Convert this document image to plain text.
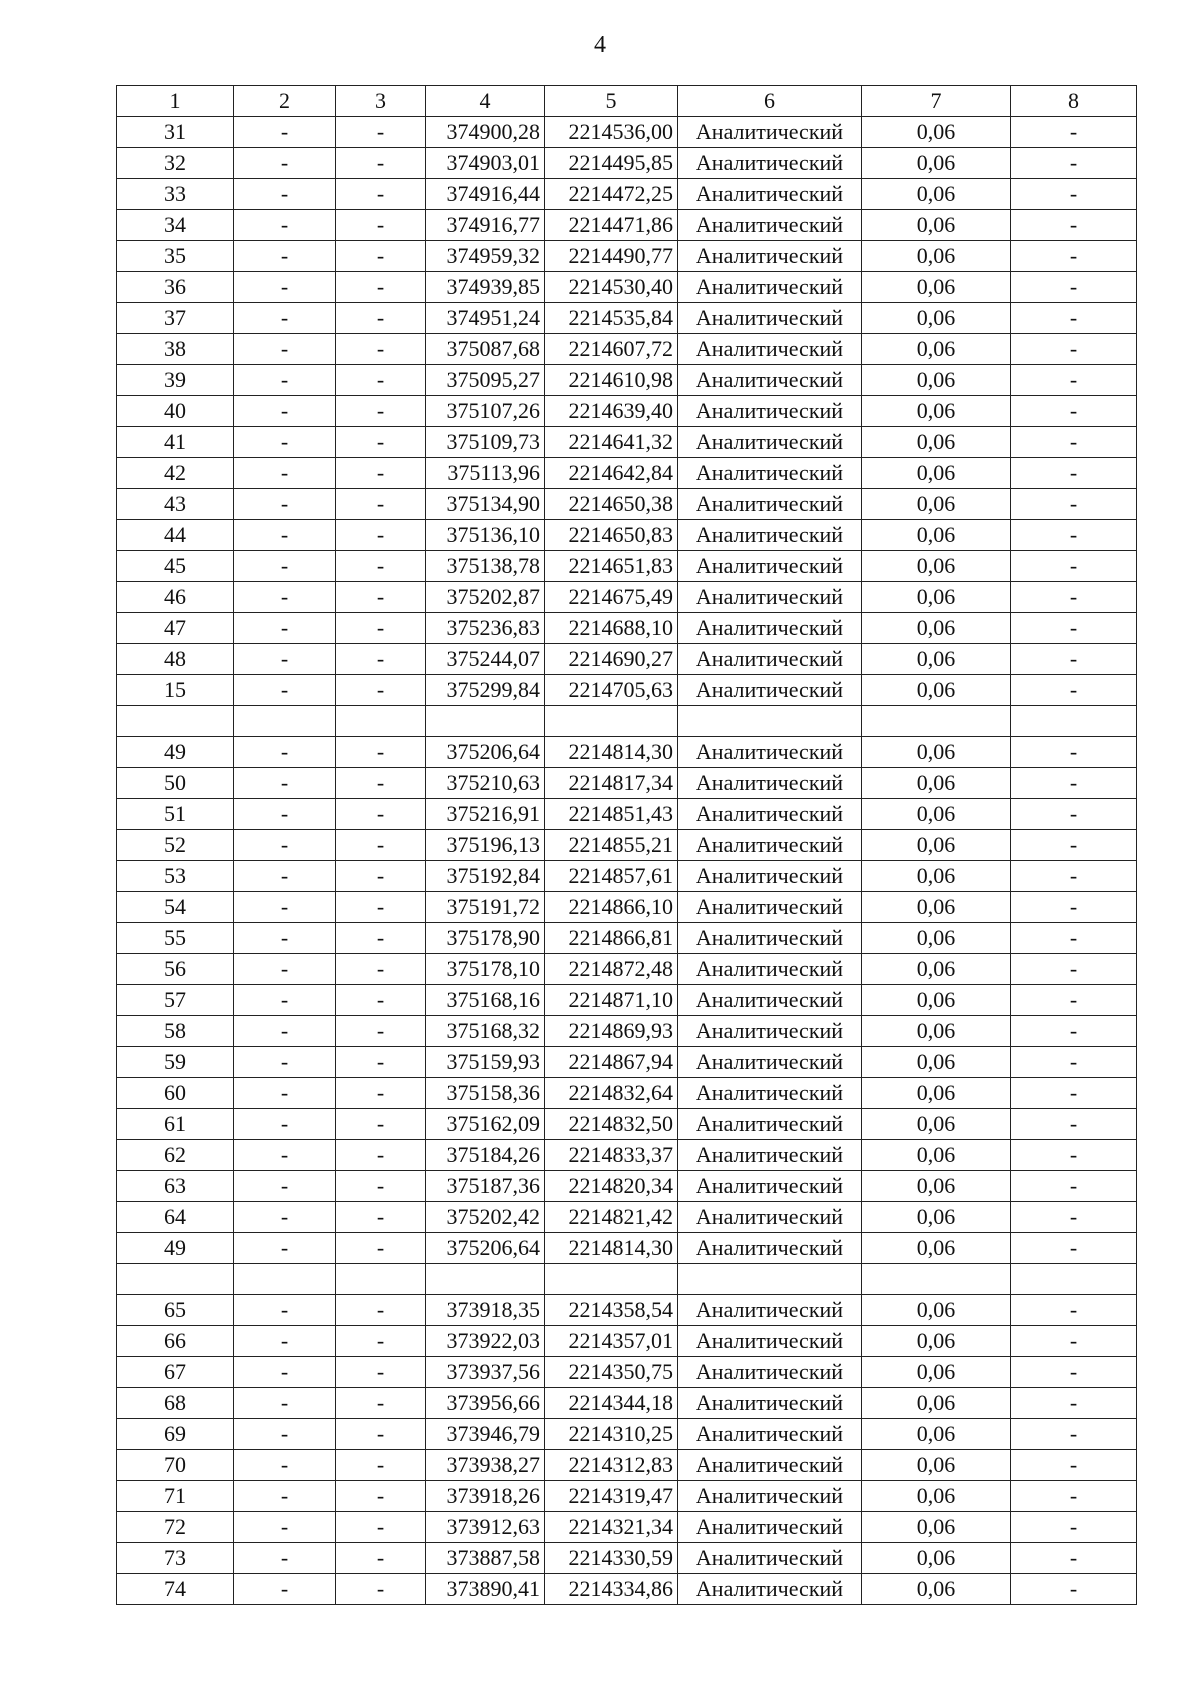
4
1	2	3	4	5	6	7	8
31	-	-	374900,28	2214536,00	Аналитический	0,06	-
32	-	-	374903,01	2214495,85	Аналитический	0,06	-
33	-	-	374916,44	2214472,25	Аналитический	0,06	-
34	-	-	374916,77	2214471,86	Аналитический	0,06	-
35	-	-	374959,32	2214490,77	Аналитический	0,06	-
36	-	-	374939,85	2214530,40	Аналитический	0,06	-
37	-	-	374951,24	2214535,84	Аналитический	0,06	-
38	-	-	375087,68	2214607,72	Аналитический	0,06	-
39	-	-	375095,27	2214610,98	Аналитический	0,06	-
40	-	-	375107,26	2214639,40	Аналитический	0,06	-
41	-	-	375109,73	2214641,32	Аналитический	0,06	-
42	-	-	375113,96	2214642,84	Аналитический	0,06	-
43	-	-	375134,90	2214650,38	Аналитический	0,06	-
44	-	-	375136,10	2214650,83	Аналитический	0,06	-
45	-	-	375138,78	2214651,83	Аналитический	0,06	-
46	-	-	375202,87	2214675,49	Аналитический	0,06	-
47	-	-	375236,83	2214688,10	Аналитический	0,06	-
48	-	-	375244,07	2214690,27	Аналитический	0,06	-
15	-	-	375299,84	2214705,63	Аналитический	0,06	-

49	-	-	375206,64	2214814,30	Аналитический	0,06	-
50	-	-	375210,63	2214817,34	Аналитический	0,06	-
51	-	-	375216,91	2214851,43	Аналитический	0,06	-
52	-	-	375196,13	2214855,21	Аналитический	0,06	-
53	-	-	375192,84	2214857,61	Аналитический	0,06	-
54	-	-	375191,72	2214866,10	Аналитический	0,06	-
55	-	-	375178,90	2214866,81	Аналитический	0,06	-
56	-	-	375178,10	2214872,48	Аналитический	0,06	-
57	-	-	375168,16	2214871,10	Аналитический	0,06	-
58	-	-	375168,32	2214869,93	Аналитический	0,06	-
59	-	-	375159,93	2214867,94	Аналитический	0,06	-
60	-	-	375158,36	2214832,64	Аналитический	0,06	-
61	-	-	375162,09	2214832,50	Аналитический	0,06	-
62	-	-	375184,26	2214833,37	Аналитический	0,06	-
63	-	-	375187,36	2214820,34	Аналитический	0,06	-
64	-	-	375202,42	2214821,42	Аналитический	0,06	-
49	-	-	375206,64	2214814,30	Аналитический	0,06	-

65	-	-	373918,35	2214358,54	Аналитический	0,06	-
66	-	-	373922,03	2214357,01	Аналитический	0,06	-
67	-	-	373937,56	2214350,75	Аналитический	0,06	-
68	-	-	373956,66	2214344,18	Аналитический	0,06	-
69	-	-	373946,79	2214310,25	Аналитический	0,06	-
70	-	-	373938,27	2214312,83	Аналитический	0,06	-
71	-	-	373918,26	2214319,47	Аналитический	0,06	-
72	-	-	373912,63	2214321,34	Аналитический	0,06	-
73	-	-	373887,58	2214330,59	Аналитический	0,06	-
74	-	-	373890,41	2214334,86	Аналитический	0,06	-
